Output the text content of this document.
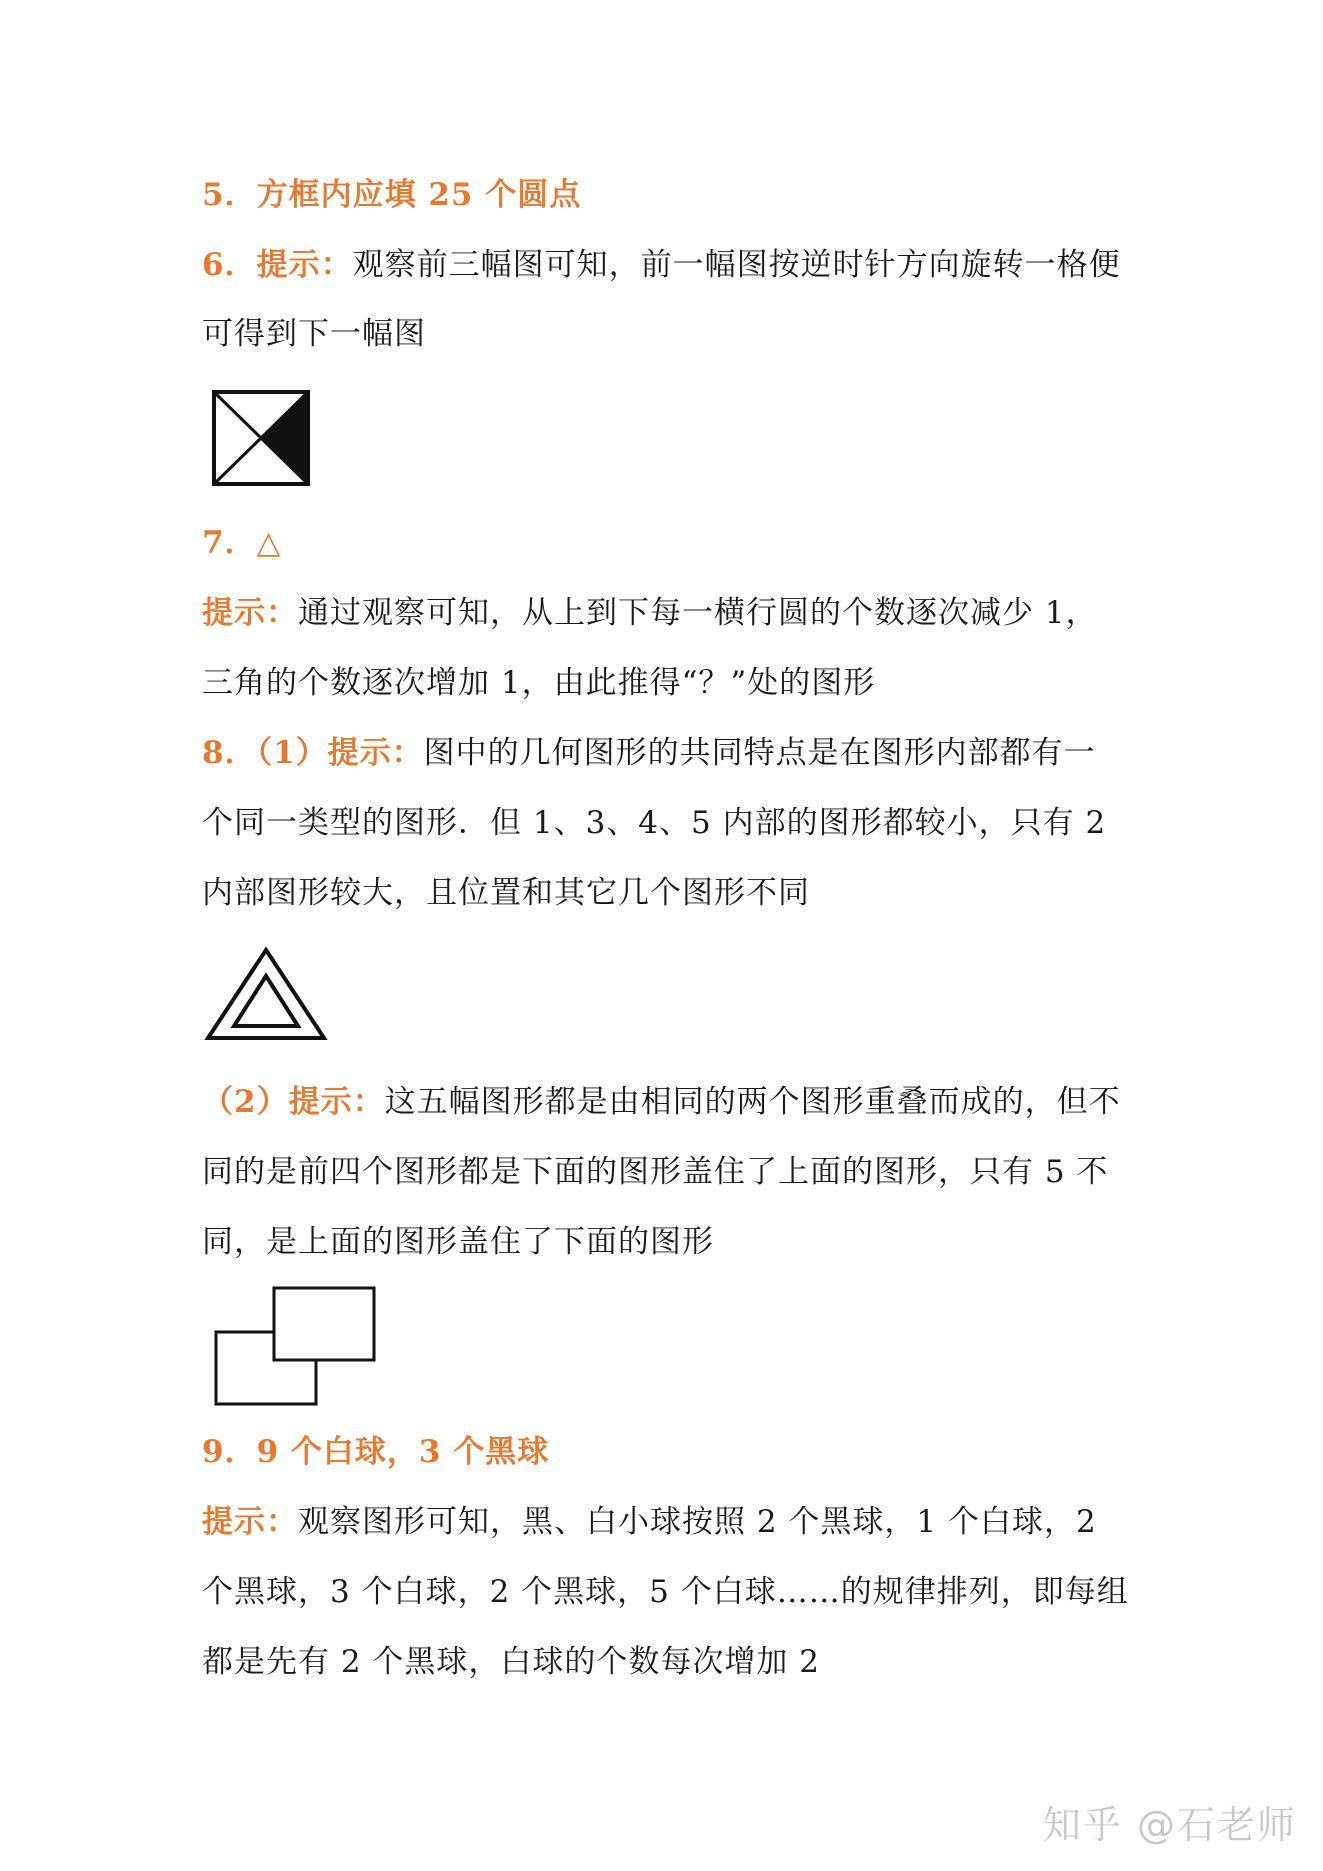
5．方框内应填 25 个圆点
6．提示：观察前三幅图可知，前一幅图按逆时针方向旋转一格便
可得到下一幅图
7．△
提示：通过观察可知，从上到下每一横行圆的个数逐次减少 1，
三角的个数逐次增加 1，由此推得“？”处的图形
8．（1）提示：图中的几何图形的共同特点是在图形内部都有一
个同一类型的图形．但 1、3、4、5 内部的图形都较小，只有 2
内部图形较大，且位置和其它几个图形不同
（2）提示：这五幅图形都是由相同的两个图形重叠而成的，但不
同的是前四个图形都是下面的图形盖住了上面的图形，只有 5 不
同，是上面的图形盖住了下面的图形
9．9 个白球，3 个黑球
提示：观察图形可知，黑、白小球按照 2 个黑球，1 个白球，2
个黑球，3 个白球，2 个黑球，5 个白球……的规律排列，即每组
都是先有 2 个黑球，白球的个数每次增加 2
知乎 @石老师
